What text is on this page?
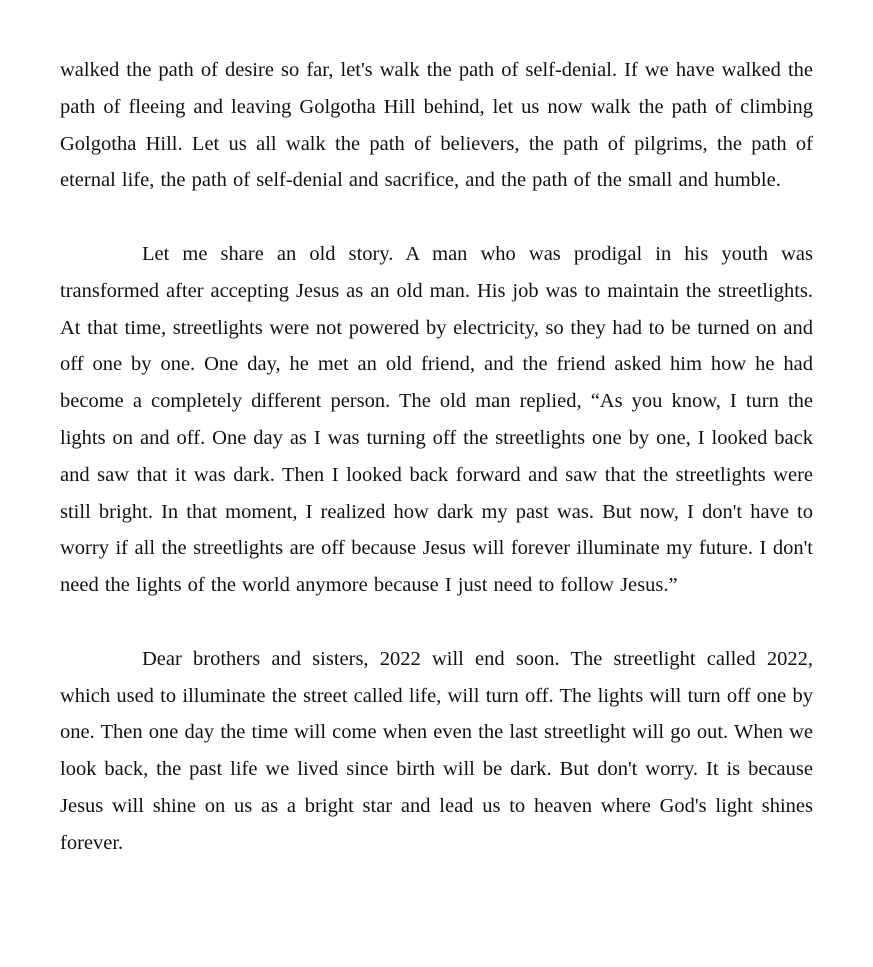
walked the path of desire so far, let's walk the path of self-denial. If we have walked the path of fleeing and leaving Golgotha Hill behind, let us now walk the path of climbing Golgotha Hill. Let us all walk the path of believers, the path of pilgrims, the path of eternal life, the path of self-denial and sacrifice, and the path of the small and humble.

Let me share an old story. A man who was prodigal in his youth was transformed after accepting Jesus as an old man. His job was to maintain the streetlights. At that time, streetlights were not powered by electricity, so they had to be turned on and off one by one. One day, he met an old friend, and the friend asked him how he had become a completely different person. The old man replied, “As you know, I turn the lights on and off. One day as I was turning off the streetlights one by one, I looked back and saw that it was dark. Then I looked back forward and saw that the streetlights were still bright. In that moment, I realized how dark my past was. But now, I don't have to worry if all the streetlights are off because Jesus will forever illuminate my future. I don't need the lights of the world anymore because I just need to follow Jesus.”

Dear brothers and sisters, 2022 will end soon. The streetlight called 2022, which used to illuminate the street called life, will turn off. The lights will turn off one by one. Then one day the time will come when even the last streetlight will go out. When we look back, the past life we lived since birth will be dark. But don't worry. It is because Jesus will shine on us as a bright star and lead us to heaven where God's light shines forever.
